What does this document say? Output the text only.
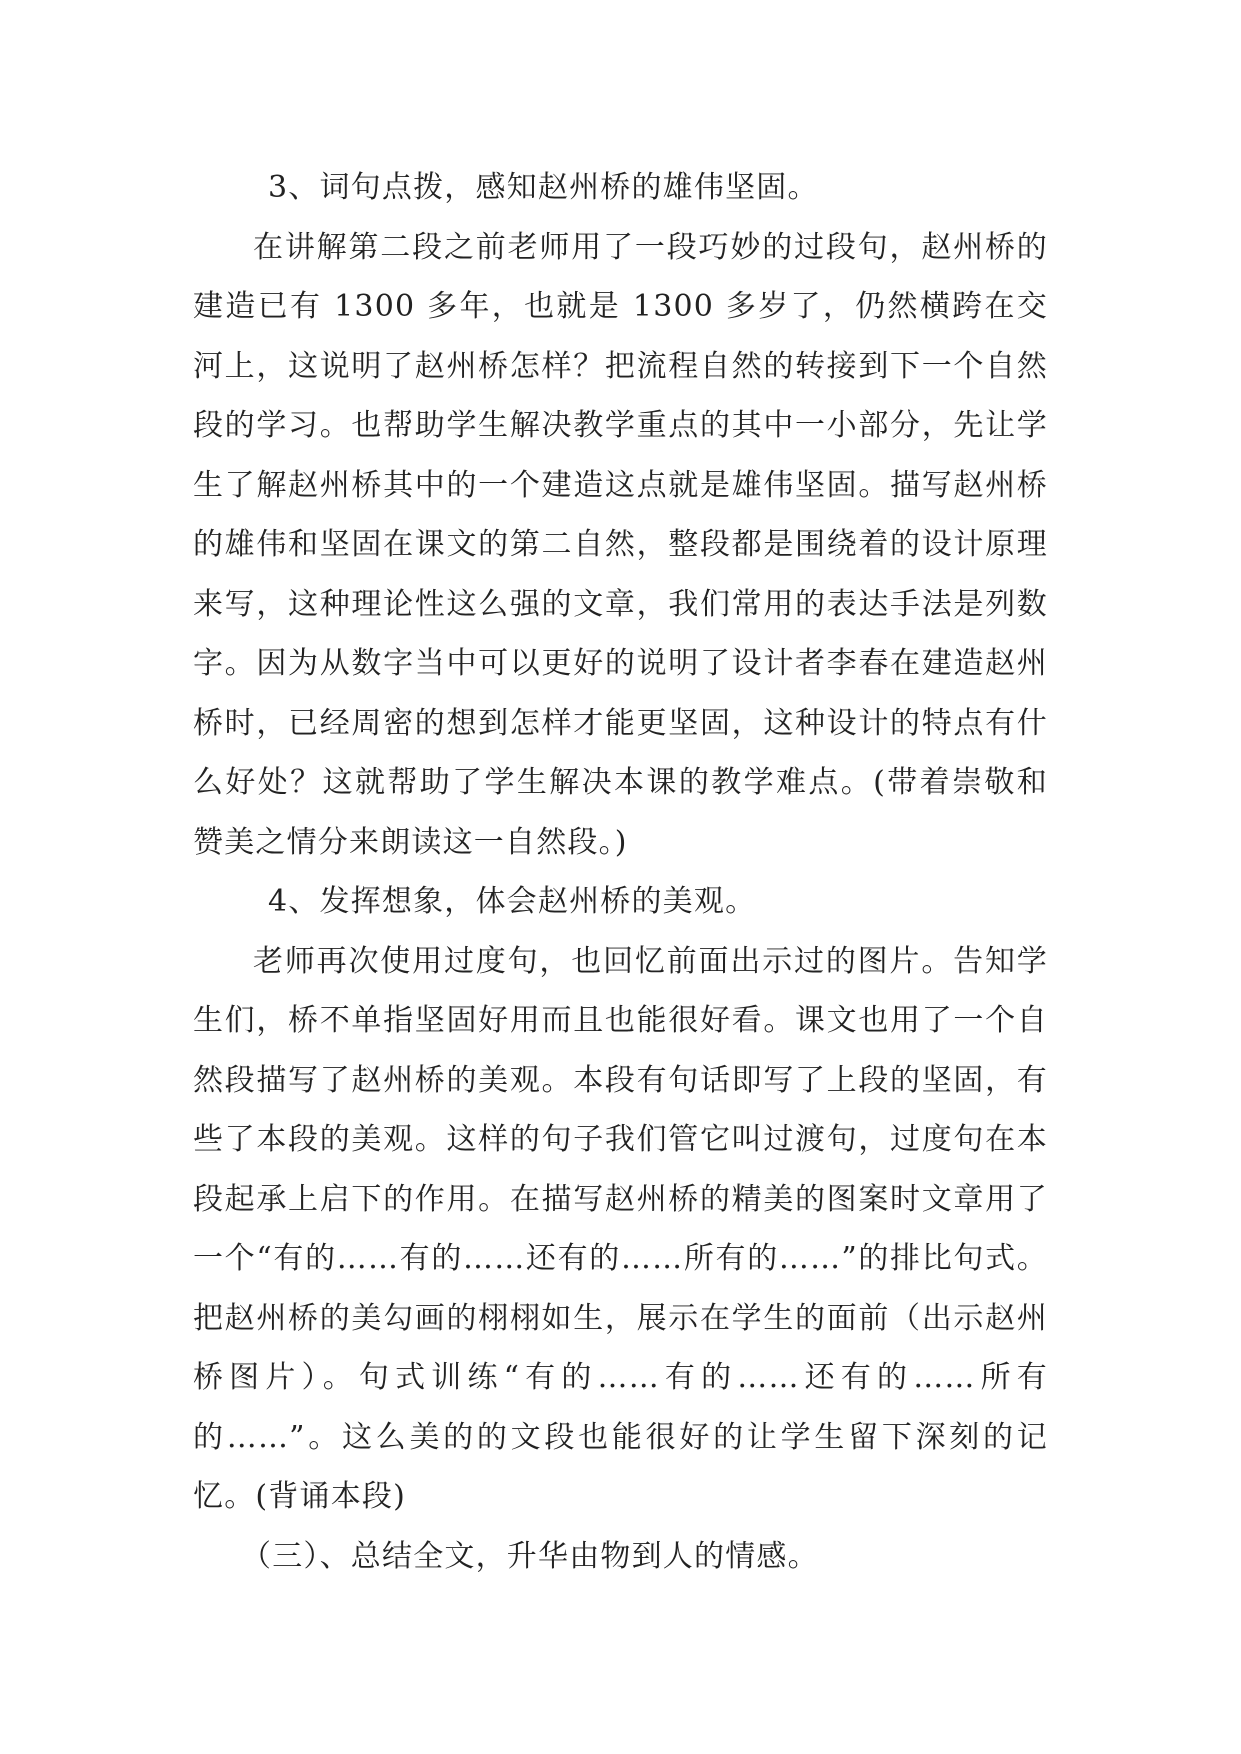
3、词句点拨，感知赵州桥的雄伟坚固。

在讲解第二段之前老师用了一段巧妙的过段句，赵州桥的建造已有 1300 多年，也就是 1300 多岁了，仍然横跨在交河上，这说明了赵州桥怎样？把流程自然的转接到下一个自然段的学习。也帮助学生解决教学重点的其中一小部分，先让学生了解赵州桥其中的一个建造这点就是雄伟坚固。描写赵州桥的雄伟和坚固在课文的第二自然，整段都是围绕着的设计原理来写，这种理论性这么强的文章，我们常用的表达手法是列数字。因为从数字当中可以更好的说明了设计者李春在建造赵州桥时，已经周密的想到怎样才能更坚固，这种设计的特点有什么好处？这就帮助了学生解决本课的教学难点。(带着崇敬和赞美之情分来朗读这一自然段。)

4、发挥想象，体会赵州桥的美观。

老师再次使用过度句，也回忆前面出示过的图片。告知学生们，桥不单指坚固好用而且也能很好看。课文也用了一个自然段描写了赵州桥的美观。本段有句话即写了上段的坚固，有些了本段的美观。这样的句子我们管它叫过渡句，过度句在本段起承上启下的作用。在描写赵州桥的精美的图案时文章用了一个“有的……有的……还有的……所有的……”的排比句式。把赵州桥的美勾画的栩栩如生，展示在学生的面前（出示赵州桥图片）。句式训练“有的……有的……还有的……所有的……”。这么美的的文段也能很好的让学生留下深刻的记忆。(背诵本段)

（三）、总结全文，升华由物到人的情感。
